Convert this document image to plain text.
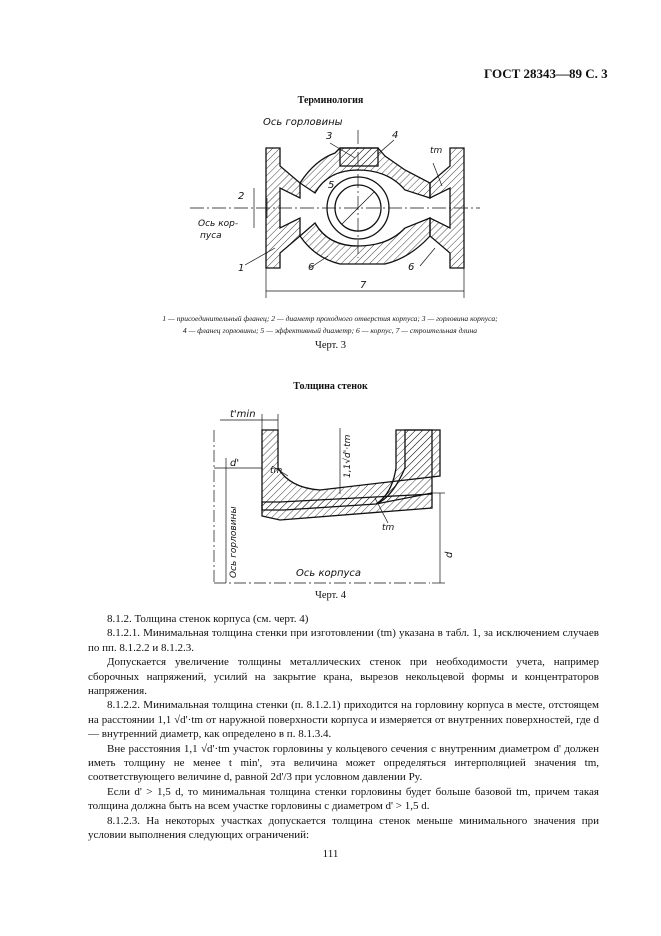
ГОСТ 28343—89 С. 3
Терминология
Ось горловины
3	4
tm
2
5
Ось кор-
пуса
1	6	6
7
1 — присоединительный фланец; 2 — диаметр проходного отверстия корпуса; 3 — горловина корпуса;
4 — фланец горловины; 5 — эффективный диаметр; 6 — корпус, 7 — строительная длина
Черт. 3
Толщина стенок
t'min
d'
tm
tm
1,1√d'·tm
Ось горловины	Ось корпуса
d
Черт. 4

8.1.2. Толщина стенок корпуса (см. черт. 4)

8.1.2.1. Минимальная толщина стенки при изготовлении (tm) указана в табл. 1, за исключением случаев по пп. 8.1.2.2 и 8.1.2.3.

Допускается увеличение толщины металлических стенок при необходимости учета, например сборочных напряжений, усилий на закрытие крана, вырезов некольцевой формы и концентраторов напряжения.

8.1.2.2. Минимальная толщина стенки (п. 8.1.2.1) приходится на горловину корпуса в месте, отстоящем на расстоянии 1,1 √d'·tm от наружной поверхности корпуса и измеряется от внутренних поверхностей, где d — внутренний диаметр, как определено в п. 8.1.3.4.

Вне расстояния 1,1 √d'·tm участок горловины у кольцевого сечения с внутренним диаметром d' должен иметь толщину не менее t min', эта величина может определяться интерполяцией значения tm, соответствующего величине d, равной 2d'/3 при условном давлении Py.

Если d' > 1,5 d, то минимальная толщина стенки горловины будет больше базовой tm, причем такая толщина должна быть на всем участке горловины с диаметром d' > 1,5 d.

8.1.2.3. На некоторых участках допускается толщина стенок меньше минимального значения при условии выполнения следующих ограничений:

111
